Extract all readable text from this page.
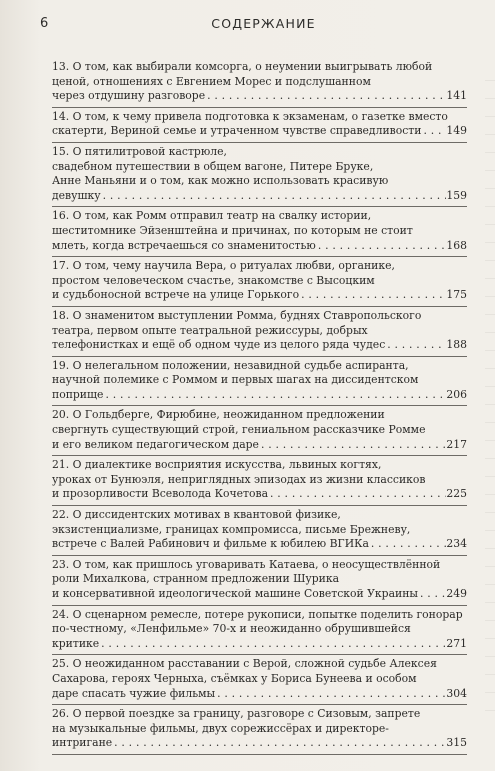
6	СОДЕРЖАНИЕ
13. О том, как выбирали комсорга, о неумении выигрывать любой
ценой, отношениях с Евгением Морес и подслушанном
через отдушину разговоре . . .	141
14. О том, к чему привела подготовка к экзаменам, о газетке вместо
скатерти, Вериной семье и утраченном чувстве справедливости . . . 149
15. О пятилитровой кастрюле,
свадебном путешествии в общем вагоне, Питере Бруке,
Анне Маньяни и о том, как можно использовать красивую
девушку . . .	159
16. О том, как Ромм отправил театр на свалку истории,
шеститомнике Эйзенштейна и причинах, по которым не стоит
млеть, когда встречаешься со знаменитостью . . .	168
17. О том, чему научила Вера, о ритуалах любви, органике,
простом человеческом счастье, знакомстве с Высоцким
и судьбоносной встрече на улице Горького . . .	175
18. О знаменитом выступлении Ромма, буднях Ставропольского
театра, первом опыте театральной режиссуры, добрых
телефонистках и ещё об одном чуде из целого ряда чудес . . .	188
19. О нелегальном положении, незавидной судьбе аспиранта,
научной полемике с Роммом и первых шагах на диссидентском
поприще . . .	206
20. О Гольдберге, Фирюбине, неожиданном предложении
свергнуть существующий строй, гениальном рассказчике Ромме
и его великом педагогическом даре . . .	217
21. О диалектике восприятия искусства, львиных когтях,
уроках от Бунюэля, неприглядных эпизодах из жизни классиков
и прозорливости Всеволода Кочетова . . .	225
22. О диссидентских мотивах в квантовой физике,
экзистенциализме, границах компромисса, письме Брежневу,
встрече с Валей Рабинович и фильме к юбилею ВГИКа . . .	234
23. О том, как пришлось уговаривать Катаева, о неосуществлённой
роли Михалкова, странном предложении Шурика
и консервативной идеологической машине Советской Украины . . .	249
24. О сценарном ремесле, потере рукописи, попытке поделить гонорар
по-честному, «Ленфильме» 70-х и неожиданно обрушившейся
критике . . .	271
25. О неожиданном расставании с Верой, сложной судьбе Алексея
Сахарова, героях Черныха, съёмках у Бориса Бунеева и особом
даре спасать чужие фильмы . . .	304
26. О первой поездке за границу, разговоре с Сизовым, запрете
на музыкальные фильмы, двух сорежиссёрах и директоре-
интригане . . .	315
